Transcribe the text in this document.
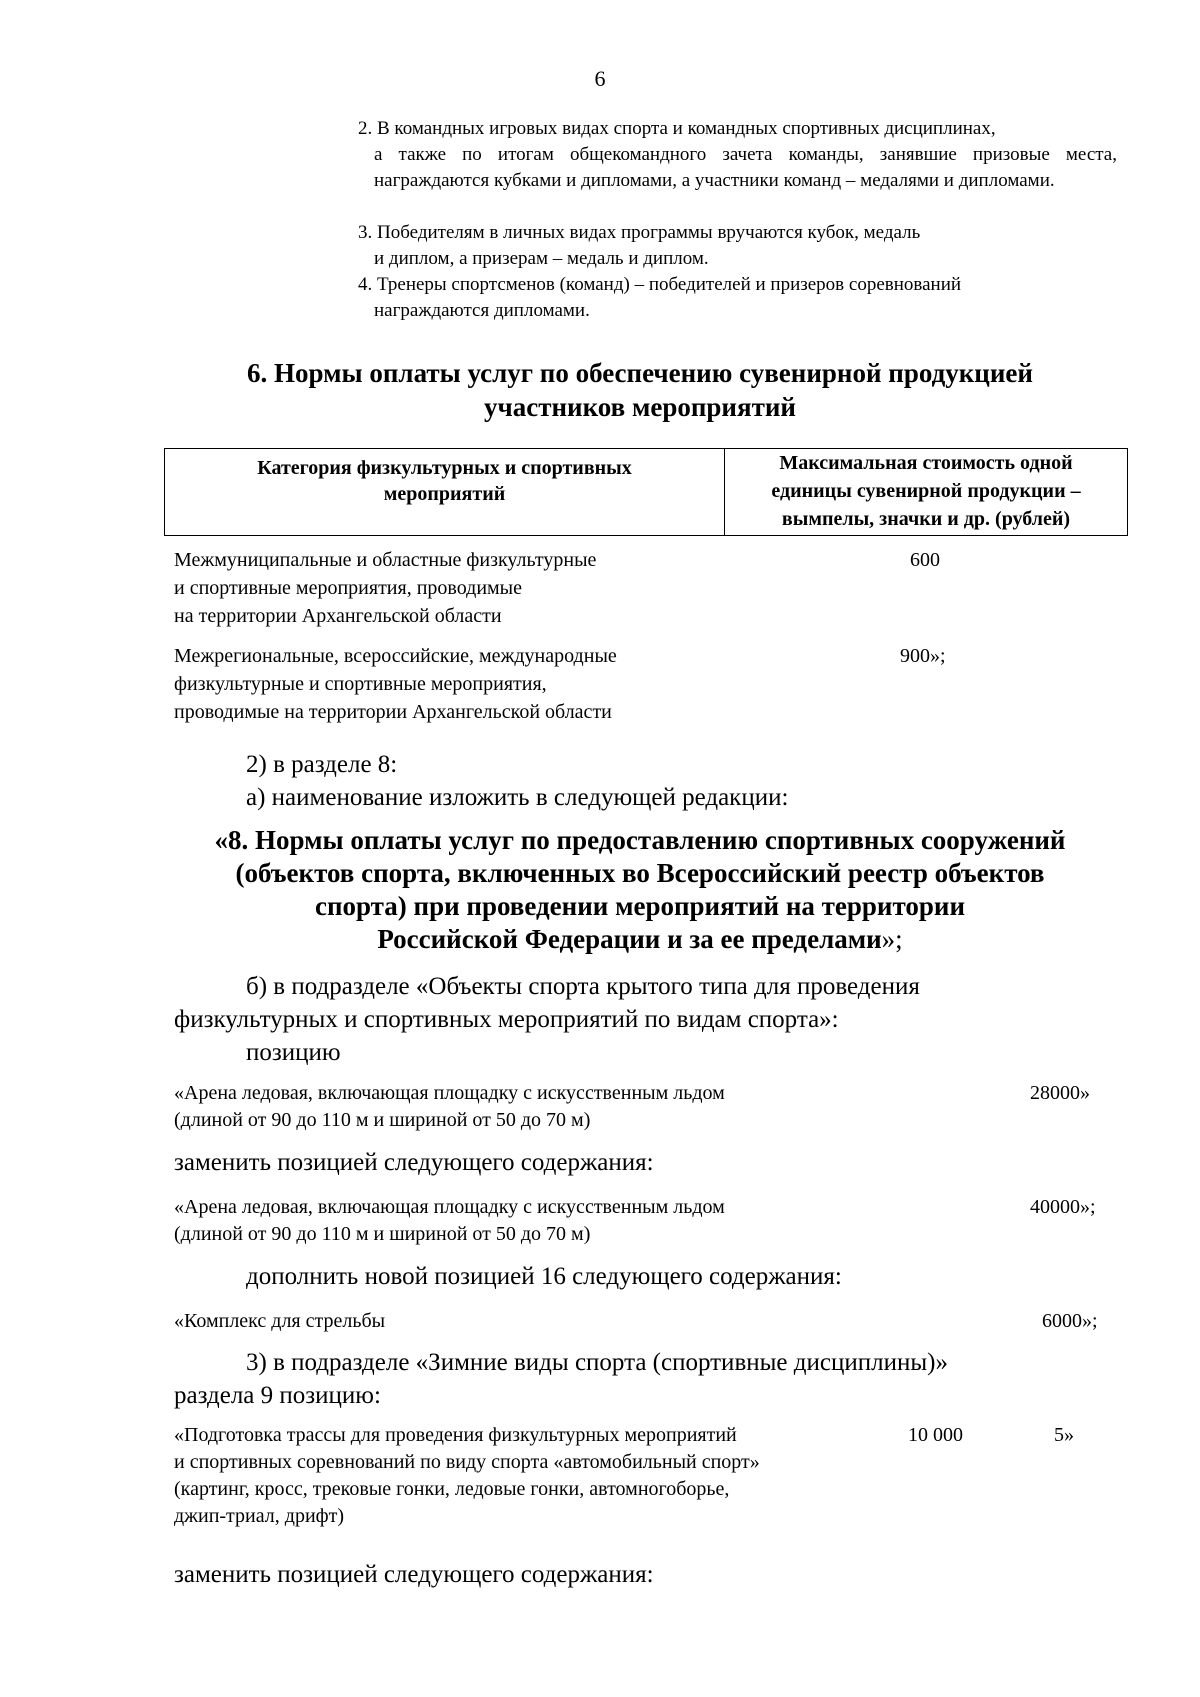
6
2. В командных игровых видах спорта и командных спортивных дисциплинах,
а также по итогам общекомандного зачета команды, занявшие призовые места, награждаются кубками и дипломами, а участники команд – медалями и дипломами.
3. Победителям в личных видах программы вручаются кубок, медаль
и диплом, а призерам – медаль и диплом.
4. Тренеры спортсменов (команд) – победителей и призеров соревнований
награждаются дипломами.
6. Нормы оплаты услуг по обеспечению сувенирной продукцией
участников мероприятий
Категория физкультурных и спортивных
мероприятий
Максимальная стоимость одной
единицы сувенирной продукции –
вымпелы, значки и др. (рублей)
Межмуниципальные и областные физкультурные
и спортивные мероприятия, проводимые
на территории Архангельской области
600
Межрегиональные, всероссийские, международные
физкультурные и спортивные мероприятия,
проводимые на территории Архангельской области
900»;
2) в разделе 8:
а) наименование изложить в следующей редакции:
«8. Нормы оплаты услуг по предоставлению спортивных сооружений
(объектов спорта, включенных во Всероссийский реестр объектов
спорта) при проведении мероприятий на территории
Российской Федерации и за ее пределами»;
б) в подразделе «Объекты спорта крытого типа для проведения
физкультурных и спортивных мероприятий по видам спорта»:
позицию
«Арена ледовая, включающая площадку с искусственным льдом
(длиной от 90 до 110 м и шириной от 50 до 70 м)
28000»
заменить позицией следующего содержания:
«Арена ледовая, включающая площадку с искусственным льдом
(длиной от 90 до 110 м и шириной от 50 до 70 м)
40000»;
дополнить новой позицией 16 следующего содержания:
«Комплекс для стрельбы	6000»;
3) в подразделе «Зимние виды спорта (спортивные дисциплины)»
раздела 9 позицию:
«Подготовка трассы для проведения физкультурных мероприятий
и спортивных соревнований по виду спорта «автомобильный спорт»
(картинг, кросс, трековые гонки, ледовые гонки, автомногоборье,
джип-триал, дрифт)
10 000	5»
заменить позицией следующего содержания:
